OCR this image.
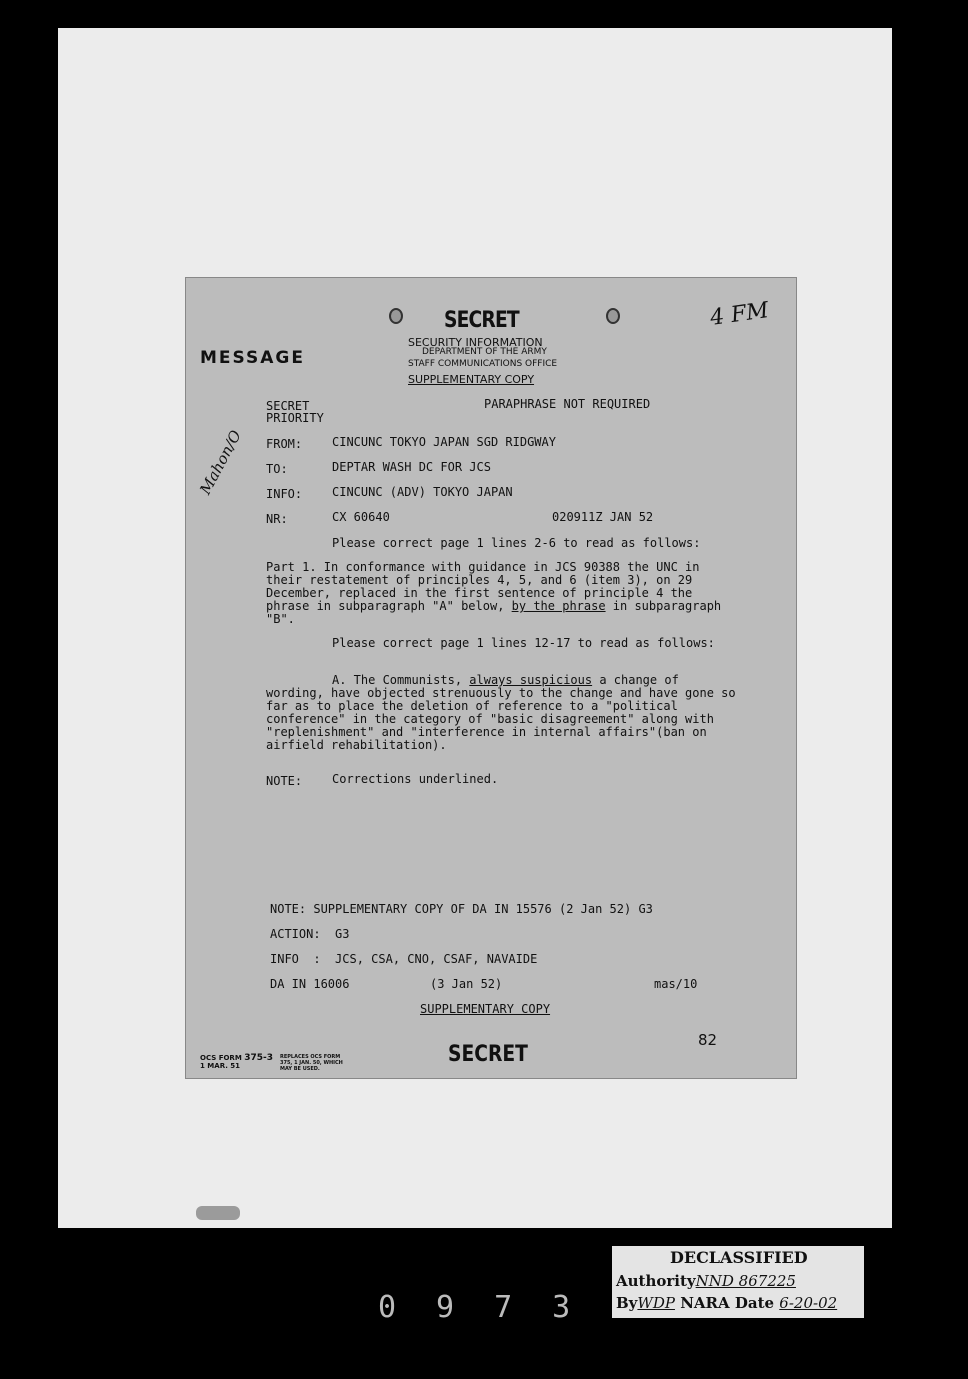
SECRET
SECURITY INFORMATION
DEPARTMENT OF THE ARMY
STAFF COMMUNICATIONS OFFICE
SUPPLEMENTARY COPY
MESSAGE
4 FM
SECRET
PRIORITY
PARAPHRASE NOT REQUIRED
Mahon/O FROM: CINCUNC TOKYO JAPAN SGD RIDGWAY
TO:	DEPTAR WASH DC FOR JCS
INFO: CINCUNC (ADV) TOKYO JAPAN
NR:	CX 60640	020911Z JAN 52
Please correct page 1 lines 2-6 to read as follows:
Part 1. In conformance with guidance in JCS 90388 the UNC in their restatement of principles 4, 5, and 6 (item 3), on 29 December, replaced in the first sentence of principle 4 the phrase in subparagraph "A" below, by the phrase in subparagraph "B".
Please correct page 1 lines 12-17 to read as follows:
A. The Communists, always suspicious a change of wording, have objected strenuously to the change and have gone so far as to place the deletion of reference to a "political conference" in the category of "basic disagreement" along with "replenishment" and "interference in internal affairs"(ban on airfield rehabilitation).
NOTE: Corrections underlined.
NOTE: SUPPLEMENTARY COPY OF DA IN 15576 (2 Jan 52) G3
ACTION:  G3
INFO  :  JCS, CSA, CNO, CSAF, NAVAIDE
DA IN 16006	(3 Jan 52)	mas/10
SUPPLEMENTARY COPY
82
OCS FORM 375-3
1 MAR. 51
REPLACES OCS FORM 375, 1 JAN. 50, WHICH MAY BE USED.
SECRET
DECLASSIFIED
AuthorityNND 867225
ByWDP NARA Date 6-20-02
0973
